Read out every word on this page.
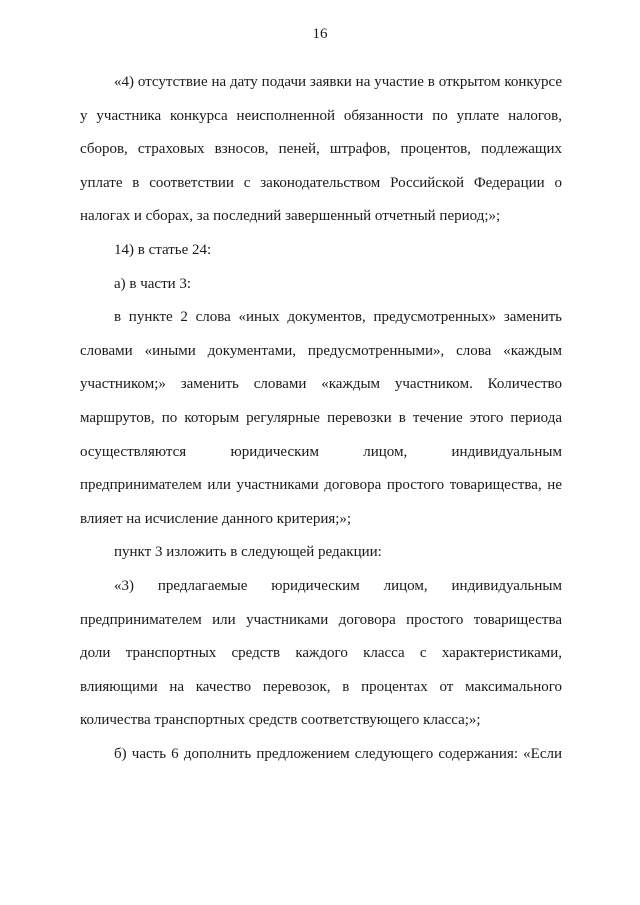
16

«4) отсутствие на дату подачи заявки на участие в открытом конкурсе у участника конкурса неисполненной обязанности по уплате налогов, сборов, страховых взносов, пеней, штрафов, процентов, подлежащих уплате в соответствии с законодательством Российской Федерации о налогах и сборах, за последний завершенный отчетный период;»;

14) в статье 24:

а) в части 3:

в пункте 2 слова «иных документов, предусмотренных» заменить словами «иными документами, предусмотренными», слова «каждым участником;» заменить словами «каждым участником. Количество маршрутов, по которым регулярные перевозки в течение этого периода осуществляются юридическим лицом, индивидуальным предпринимателем или участниками договора простого товарищества, не влияет на исчисление данного критерия;»;

пункт 3 изложить в следующей редакции:

«3) предлагаемые юридическим лицом, индивидуальным предпринимателем или участниками договора простого товарищества доли транспортных средств каждого класса с характеристиками, влияющими на качество перевозок, в процентах от максимального количества транспортных средств соответствующего класса;»;

б) часть 6 дополнить предложением следующего содержания: «Если
